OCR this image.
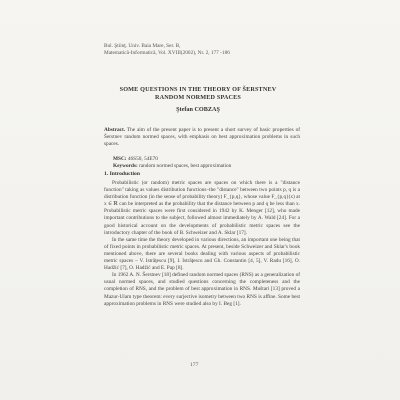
Bul. Ştiinţ. Univ. Baia Mare, Ser. B,
Matematică-Informatică, Vol. XVIII(2002), Nr. 2, 177 -186
SOME QUESTIONS IN THE THEORY OF ŠERSTNEV
RANDOM NORMED SPACES
Ştefan COBZAŞ
Abstract. The aim of the present paper is to present a short survey of basic properties of Šerstnev random normed spaces, with emphasis on best approximation problems in such spaces.
MSC: 46S50, 54E70
Keywords: random normed spaces, best approximation
1. Introduction

Probabilistic (or random) metric spaces are spaces on which there is a "distance function" taking as values distribution functions–the "distance" between two points p, q is a distribution function (in the sense of probability theory) F_{p,q}, whose value F_{p,q}(x) at x ∈ ℝ can be interpreted as the probability that the distance between p and q be less than x. Probabilistic metric spaces were first considered in 1942 by K. Menger [12], who made important contributions to the subject, followed almost immediately by A. Wald [24]. For a good historical account on the developments of probabilistic metric spaces see the introductory chapter of the book of B. Schweizer and A. Sklar [17].

In the same time the theory developed in various directions, an important one being that of fixed points in probabilistic metric spaces. At present, beside Schweizer and Sklar's book mentioned above, there are several books dealing with various aspects of probabilistic metric spaces – V. Istrăţescu [9], I. Istrăţescu and Gh. Constantin [4, 5], V. Radu [16], O. Hadžić [7], O. Hadžić and E. Pap [8].

In 1962 A. N. Šerstnev [18] defined random normed spaces (RNS) as a generalization of usual normed spaces, and studied questions concerning the completeness and the completion of RNS, and the problem of best approximation in RNS. Muštari [13] proved a Mazur-Ulam type theorem: every surjective isometry between two RNS is affine. Some best approximation problems in RNS were studied also by I. Beg [1].

177
